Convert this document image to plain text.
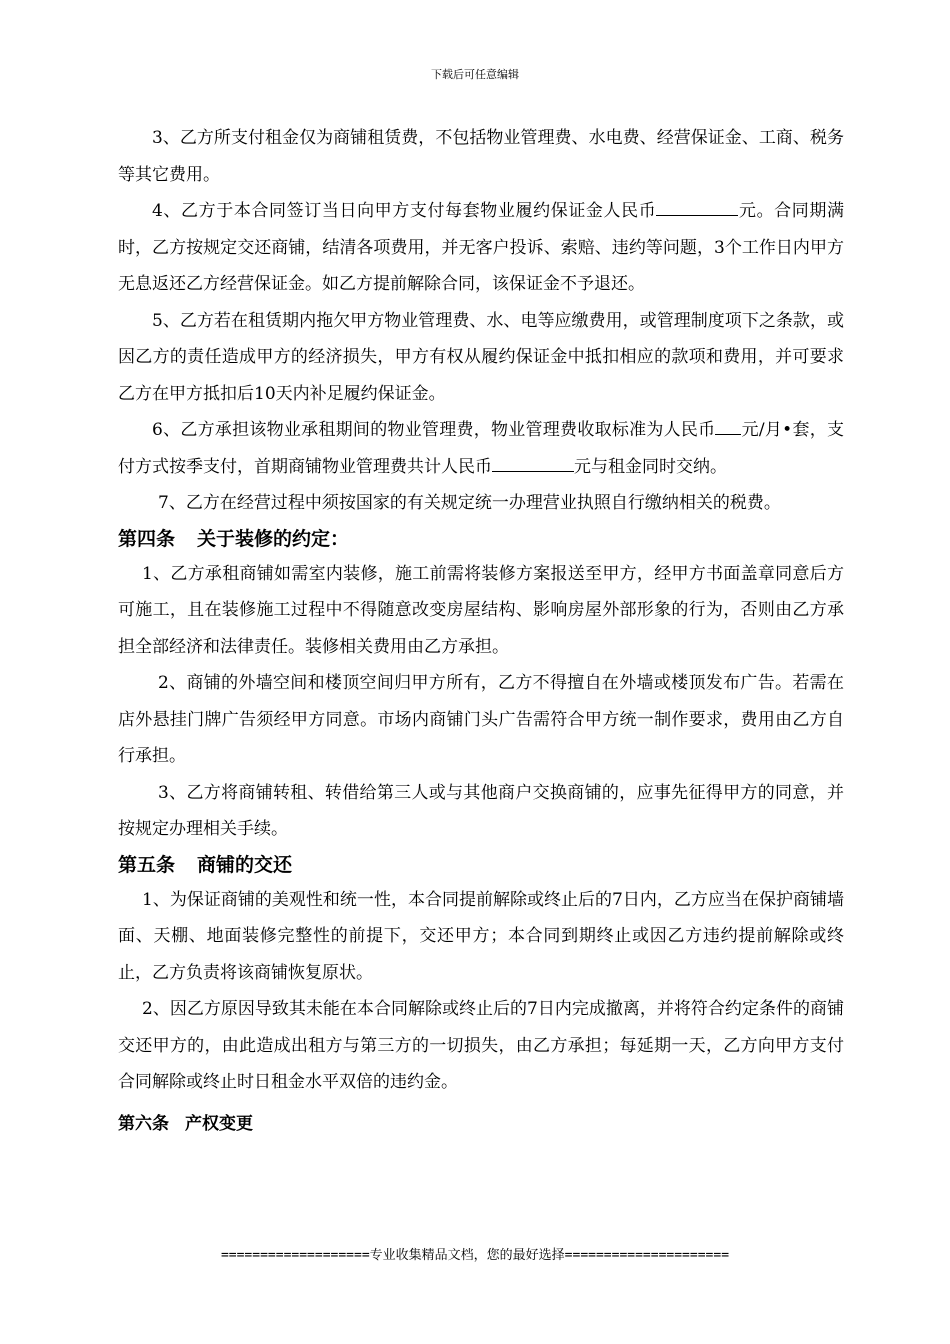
下载后可任意编辑

3、乙方所支付租金仅为商铺租赁费，不包括物业管理费、水电费、经营保证金、工商、税务等其它费用。

4、乙方于本合同签订当日向甲方支付每套物业履约保证金人民币	元。合同期满时，乙方按规定交还商铺，结清各项费用，并无客户投诉、索赔、违约等问题，3个工作日内甲方无息返还乙方经营保证金。如乙方提前解除合同，该保证金不予退还。

5、乙方若在租赁期内拖欠甲方物业管理费、水、电等应缴费用，或管理制度项下之条款，或因乙方的责任造成甲方的经济损失，甲方有权从履约保证金中抵扣相应的款项和费用，并可要求乙方在甲方抵扣后10天内补足履约保证金。

6、乙方承担该物业承租期间的物业管理费，物业管理费收取标准为人民币 元/月•套，支付方式按季支付，首期商铺物业管理费共计人民币	元与租金同时交纳。

7、乙方在经营过程中须按国家的有关规定统一办理营业执照自行缴纳相关的税费。

第四条 关于装修的约定：

1、乙方承租商铺如需室内装修，施工前需将装修方案报送至甲方，经甲方书面盖章同意后方可施工，且在装修施工过程中不得随意改变房屋结构、影响房屋外部形象的行为，否则由乙方承担全部经济和法律责任。装修相关费用由乙方承担。

2、商铺的外墙空间和楼顶空间归甲方所有，乙方不得擅自在外墙或楼顶发布广告。若需在店外悬挂门牌广告须经甲方同意。市场内商铺门头广告需符合甲方统一制作要求，费用由乙方自行承担。

3、乙方将商铺转租、转借给第三人或与其他商户交换商铺的，应事先征得甲方的同意，并按规定办理相关手续。

第五条 商铺的交还

1、为保证商铺的美观性和统一性，本合同提前解除或终止后的7日内，乙方应当在保护商铺墙面、天棚、地面装修完整性的前提下，交还甲方；本合同到期终止或因乙方违约提前解除或终止，乙方负责将该商铺恢复原状。

2、因乙方原因导致其未能在本合同解除或终止后的7日内完成撤离，并将符合约定条件的商铺交还甲方的，由此造成出租方与第三方的一切损失，由乙方承担；每延期一天，乙方向甲方支付合同解除或终止时日租金水平双倍的违约金。

第六条 产权变更

===================专业收集精品文档，您的最好选择=====================
